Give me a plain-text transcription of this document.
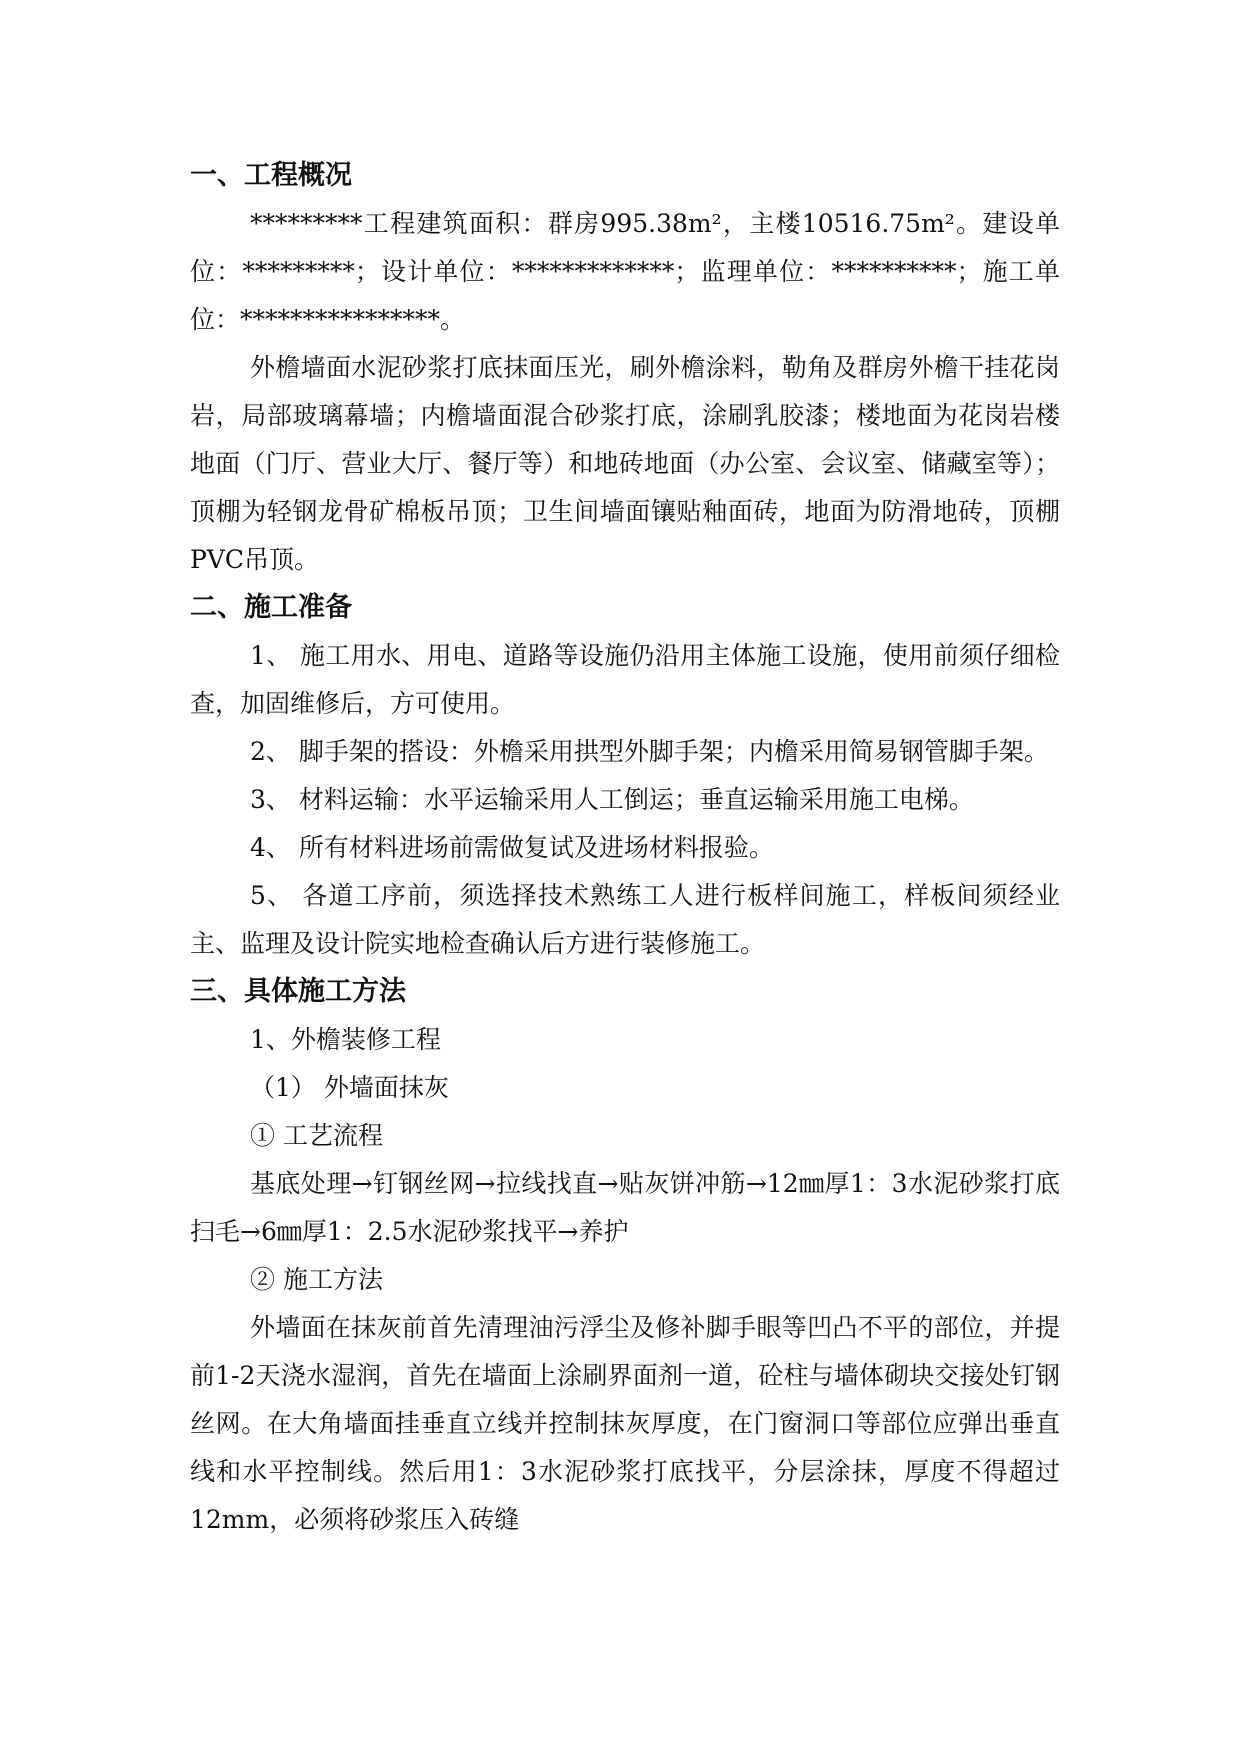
一、工程概况

*********工程建筑面积：群房995.38m²，主楼10516.75m²。建设单位：*********；设计单位：*************；监理单位：**********；施工单位：****************。

外檐墙面水泥砂浆打底抹面压光，刷外檐涂料，勒角及群房外檐干挂花岗岩，局部玻璃幕墙；内檐墙面混合砂浆打底，涂刷乳胶漆；楼地面为花岗岩楼地面（门厅、营业大厅、餐厅等）和地砖地面（办公室、会议室、储藏室等）；顶棚为轻钢龙骨矿棉板吊顶；卫生间墙面镶贴釉面砖，地面为防滑地砖，顶棚PVC吊顶。

二、施工准备

1、 施工用水、用电、道路等设施仍沿用主体施工设施，使用前须仔细检查，加固维修后，方可使用。

2、 脚手架的搭设：外檐采用拱型外脚手架；内檐采用简易钢管脚手架。

3、 材料运输：水平运输采用人工倒运；垂直运输采用施工电梯。

4、 所有材料进场前需做复试及进场材料报验。

5、 各道工序前，须选择技术熟练工人进行板样间施工，样板间须经业主、监理及设计院实地检查确认后方进行装修施工。

三、具体施工方法

1、外檐装修工程

（1） 外墙面抹灰

① 工艺流程

基底处理→钉钢丝网→拉线找直→贴灰饼冲筋→12㎜厚1：3水泥砂浆打底扫毛→6㎜厚1：2.5水泥砂浆找平→养护

② 施工方法

外墙面在抹灰前首先清理油污浮尘及修补脚手眼等凹凸不平的部位，并提前1-2天浇水湿润，首先在墙面上涂刷界面剂一道，砼柱与墙体砌块交接处钉钢丝网。在大角墙面挂垂直立线并控制抹灰厚度，在门窗洞口等部位应弹出垂直线和水平控制线。然后用1：3水泥砂浆打底找平，分层涂抹，厚度不得超过12mm，必须将砂浆压入砖缝
